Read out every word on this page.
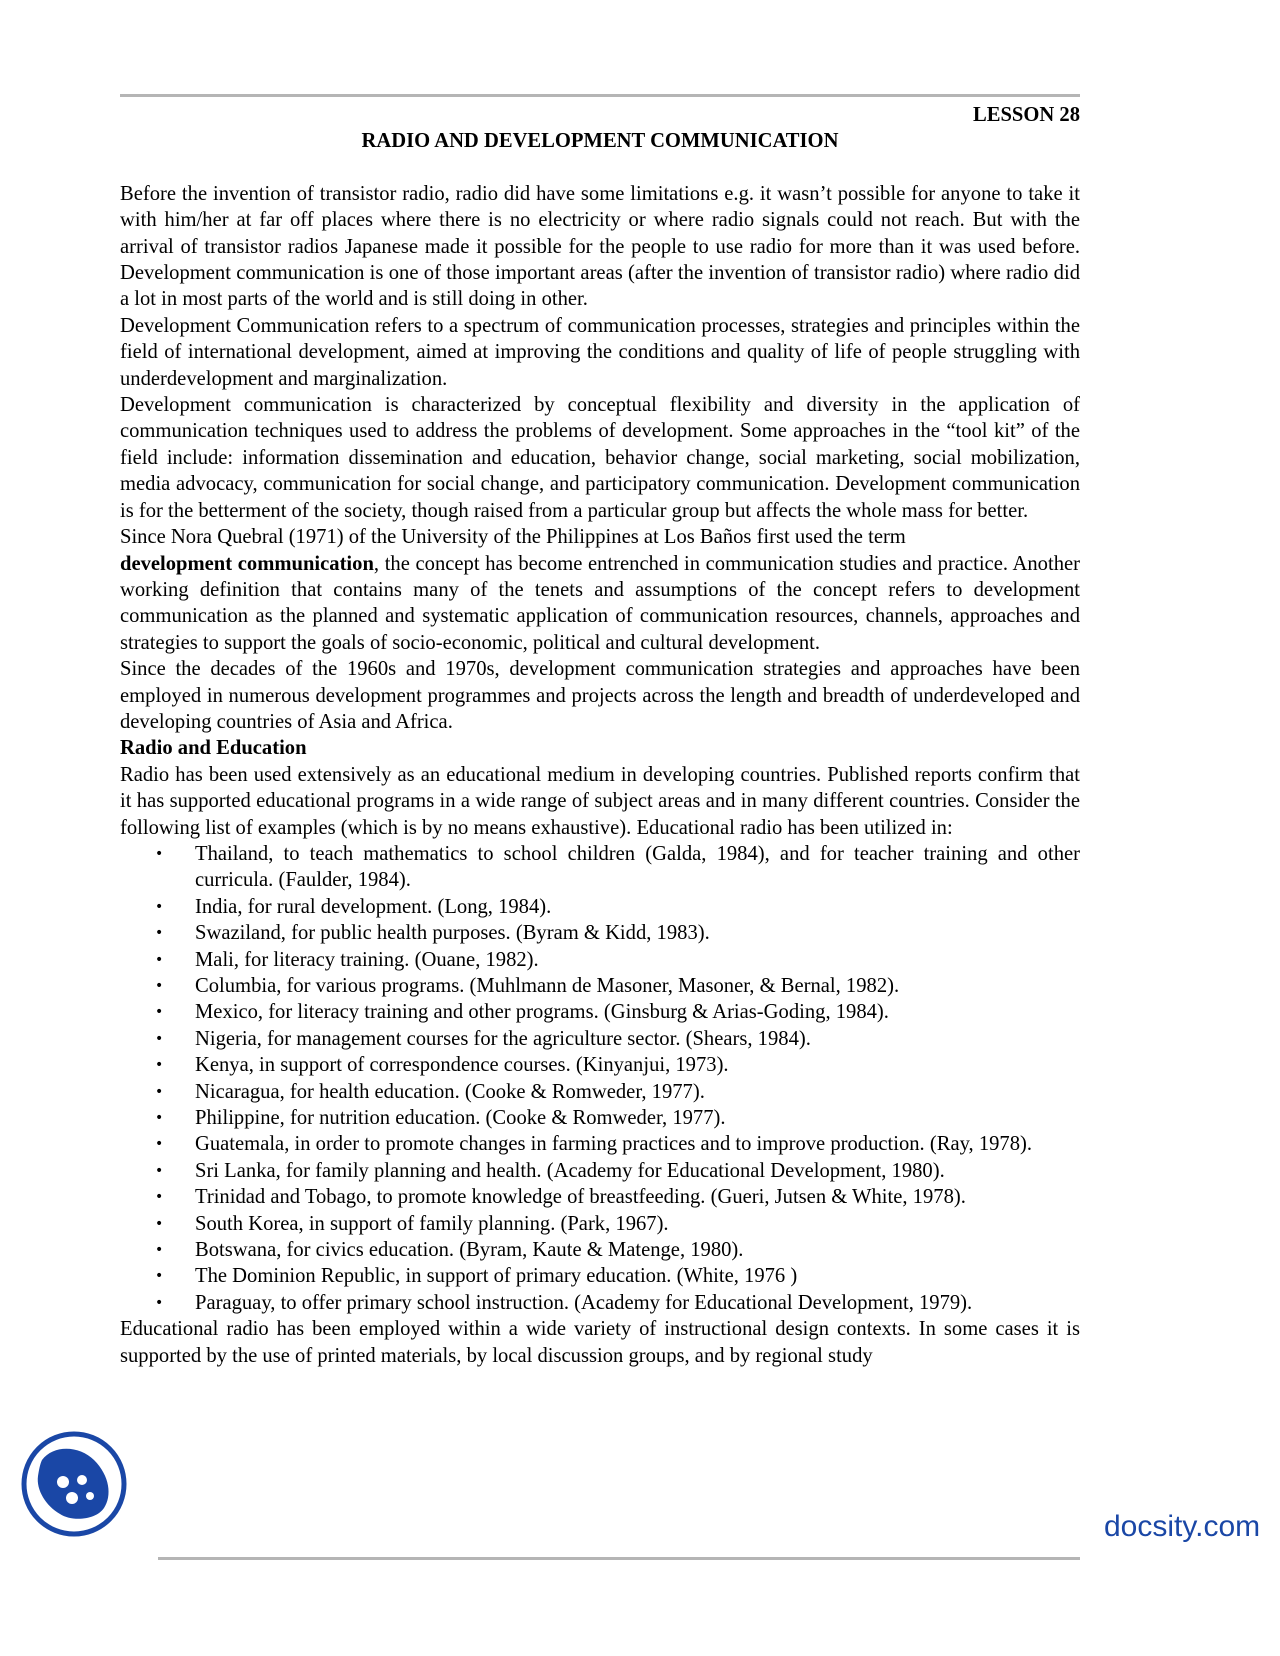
LESSON 28
RADIO AND DEVELOPMENT COMMUNICATION

Before the invention of transistor radio, radio did have some limitations e.g. it wasn’t possible for anyone to take it with him/her at far off places where there is no electricity or where radio signals could not reach. But with the arrival of transistor radios Japanese made it possible for the people to use radio for more than it was used before. Development communication is one of those important areas (after the invention of transistor radio) where radio did a lot in most parts of the world and is still doing in other.

Development Communication refers to a spectrum of communication processes, strategies and principles within the field of international development, aimed at improving the conditions and quality of life of people struggling with underdevelopment and marginalization.

Development communication is characterized by conceptual flexibility and diversity in the application of communication techniques used to address the problems of development. Some approaches in the “tool kit” of the field include: information dissemination and education, behavior change, social marketing, social mobilization, media advocacy, communication for social change, and participatory communication. Development communication is for the betterment of the society, though raised from a particular group but affects the whole mass for better.

Since Nora Quebral (1971) of the University of the Philippines at Los Baños first used the term
development communication, the concept has become entrenched in communication studies and practice. Another working definition that contains many of the tenets and assumptions of the concept refers to development communication as the planned and systematic application of communication resources, channels, approaches and strategies to support the goals of socio-economic, political and cultural development.

Since the decades of the 1960s and 1970s, development communication strategies and approaches have been employed in numerous development programmes and projects across the length and breadth of underdeveloped and developing countries of Asia and Africa.

Radio and Education

Radio has been used extensively as an educational medium in developing countries. Published reports confirm that it has supported educational programs in a wide range of subject areas and in many different countries. Consider the following list of examples (which is by no means exhaustive). Educational radio has been utilized in:

• Thailand, to teach mathematics to school children (Galda, 1984), and for teacher training and other curricula. (Faulder, 1984).
• India, for rural development. (Long, 1984).
• Swaziland, for public health purposes. (Byram & Kidd, 1983).
• Mali, for literacy training. (Ouane, 1982).
• Columbia, for various programs. (Muhlmann de Masoner, Masoner, & Bernal, 1982).
• Mexico, for literacy training and other programs. (Ginsburg & Arias-Goding, 1984).
• Nigeria, for management courses for the agriculture sector. (Shears, 1984).
• Kenya, in support of correspondence courses. (Kinyanjui, 1973).
• Nicaragua, for health education. (Cooke & Romweder, 1977).
• Philippine, for nutrition education. (Cooke & Romweder, 1977).
• Guatemala, in order to promote changes in farming practices and to improve production. (Ray, 1978).
• Sri Lanka, for family planning and health. (Academy for Educational Development, 1980).
• Trinidad and Tobago, to promote knowledge of breastfeeding. (Gueri, Jutsen & White, 1978).
• South Korea, in support of family planning. (Park, 1967).
• Botswana, for civics education. (Byram, Kaute & Matenge, 1980).
• The Dominion Republic, in support of primary education. (White, 1976 )
• Paraguay, to offer primary school instruction. (Academy for Educational Development, 1979).

Educational radio has been employed within a wide variety of instructional design contexts. In some cases it is supported by the use of printed materials, by local discussion groups, and by regional study

docsity.com
